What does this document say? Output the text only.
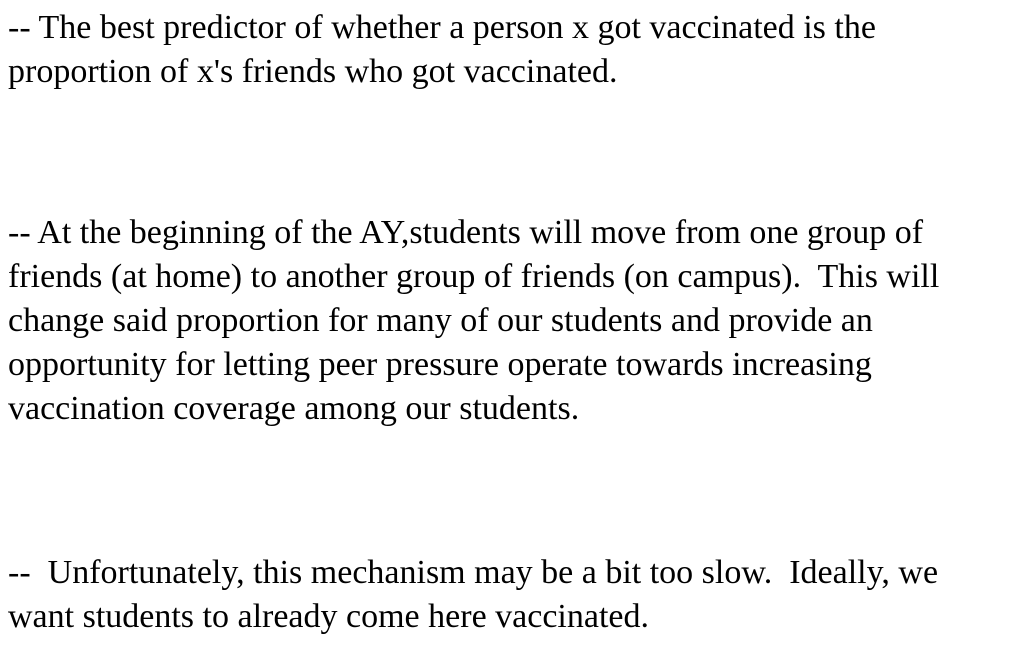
-- The best predictor of whether a person x got vaccinated is the
proportion of x's friends who got vaccinated.

-- At the beginning of the AY,students will move from one group of
friends (at home) to another group of friends (on campus).  This will
change said proportion for many of our students and provide an
opportunity for letting peer pressure operate towards increasing
vaccination coverage among our students.

--  Unfortunately, this mechanism may be a bit too slow.  Ideally, we
want students to already come here vaccinated.
